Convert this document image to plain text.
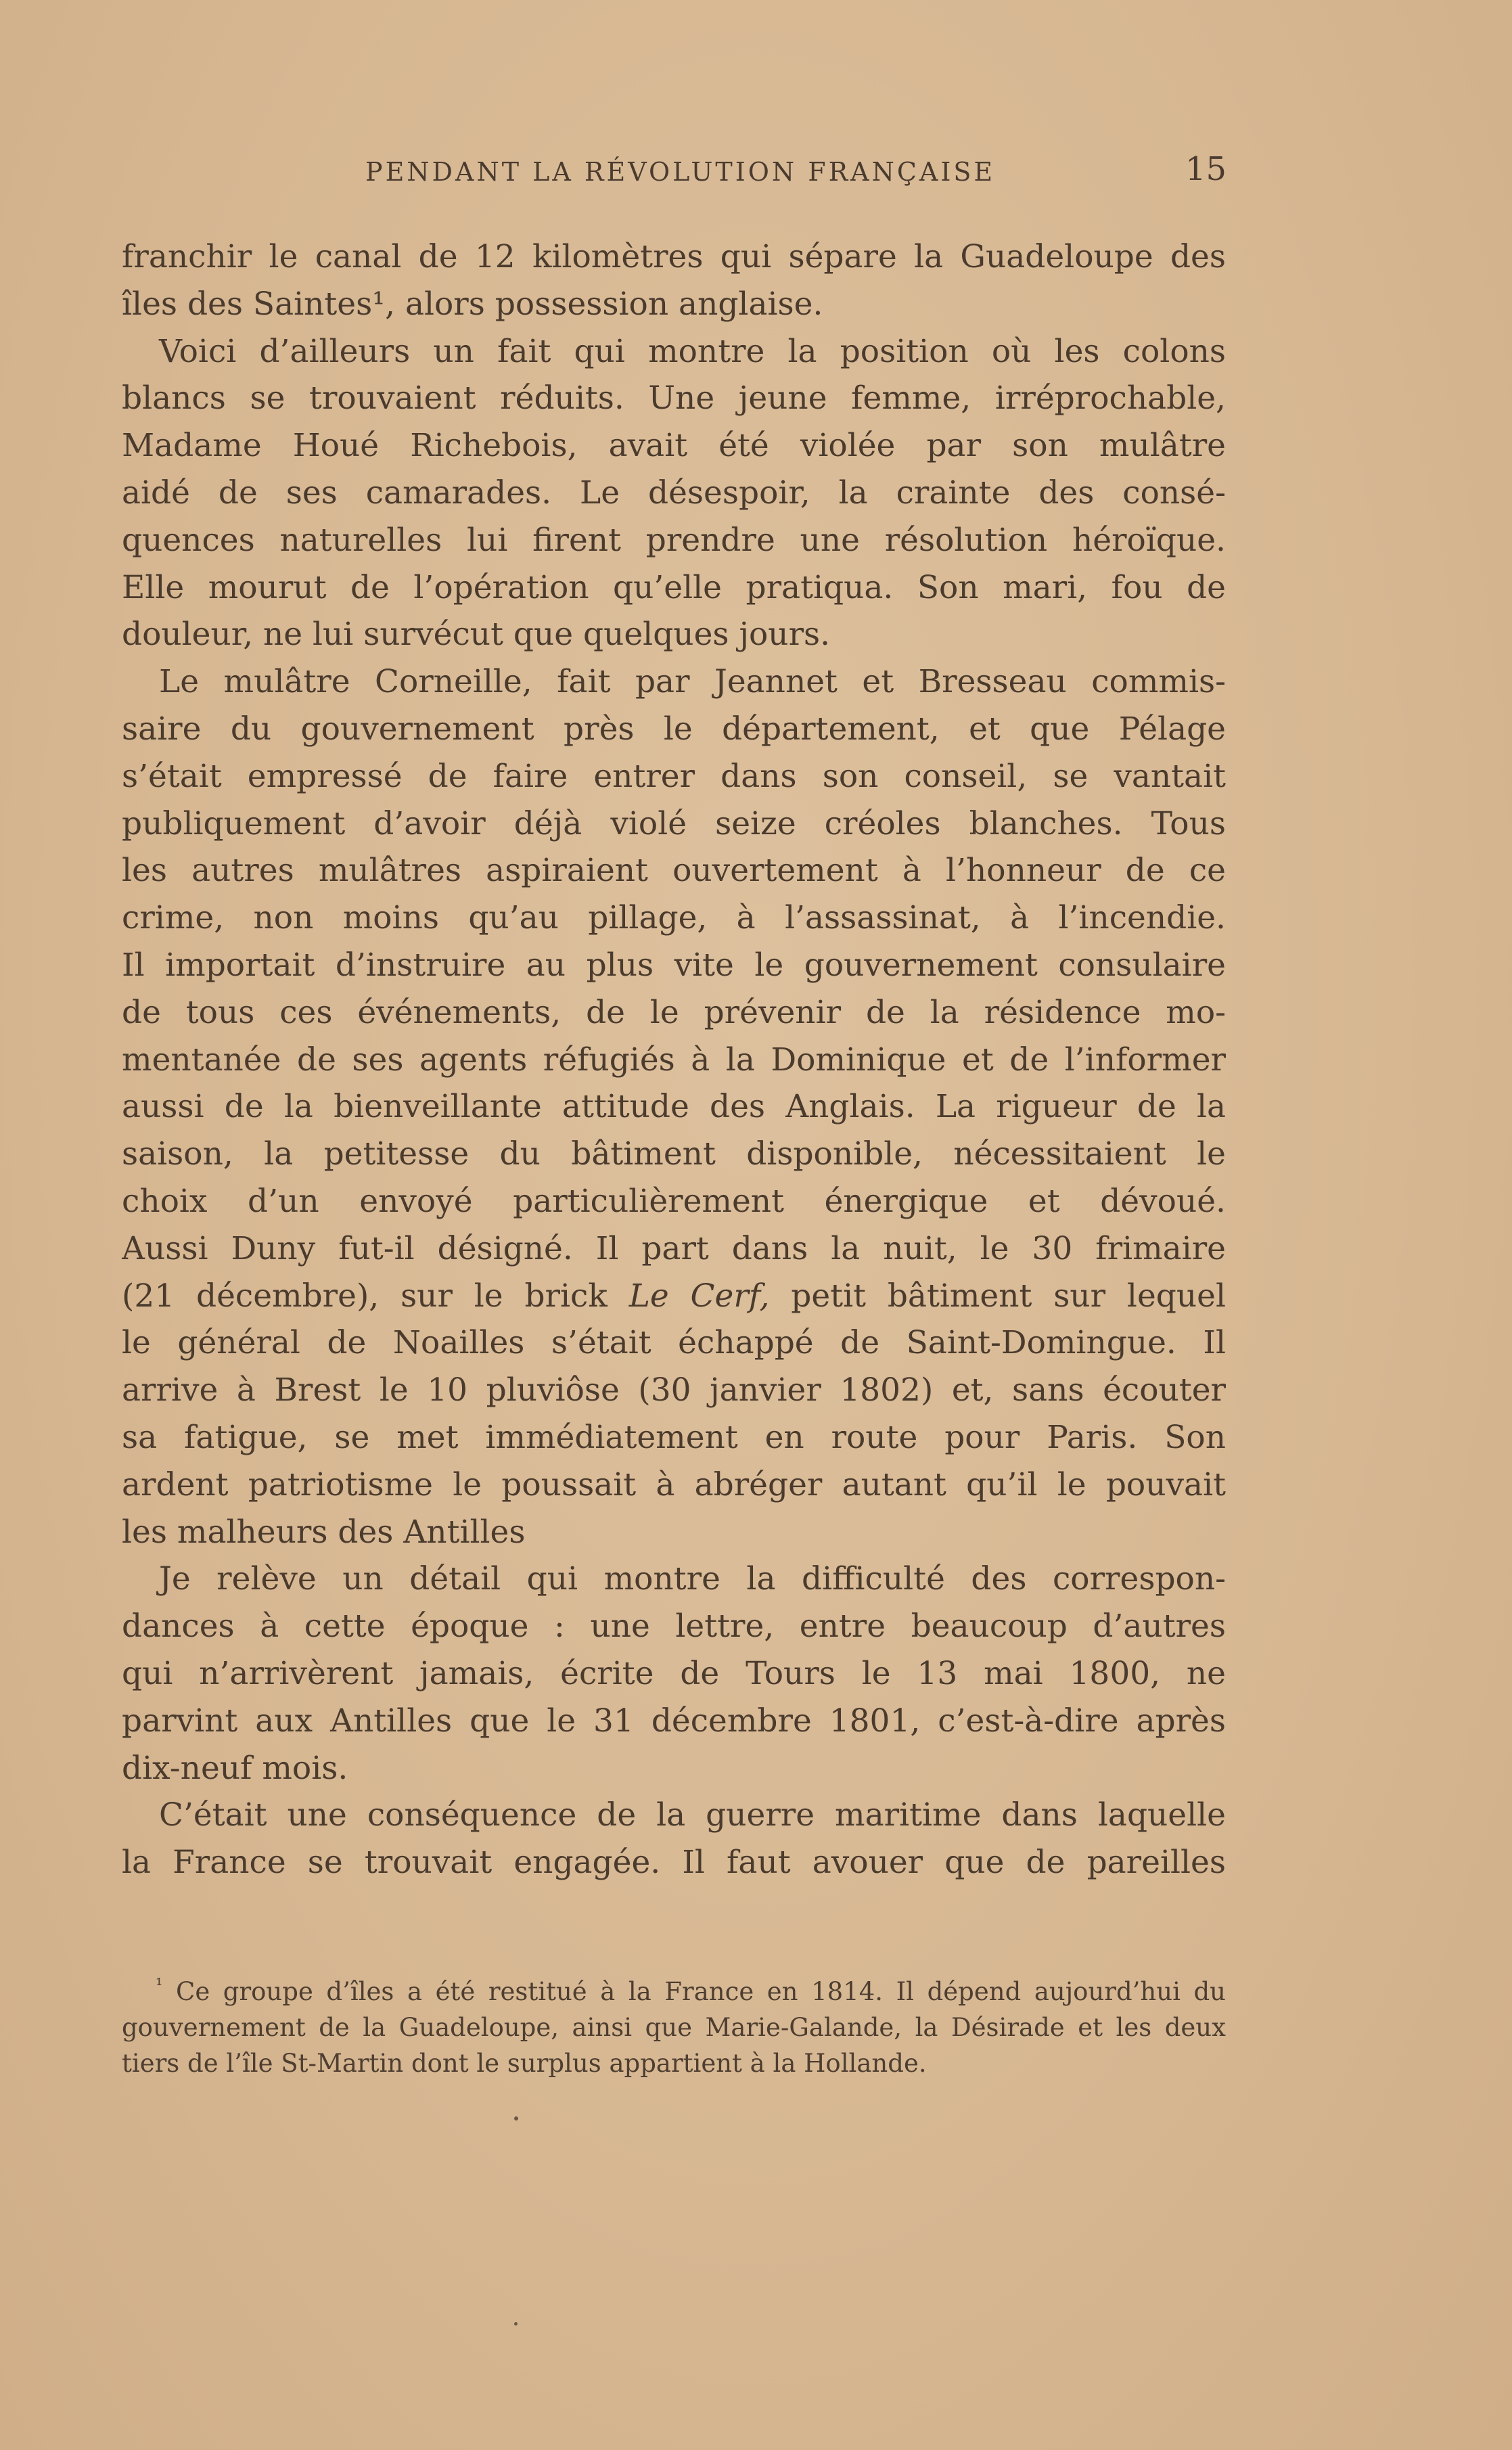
PENDANT LA RÉVOLUTION FRANÇAISE	15
franchir le canal de 12 kilomètres qui sépare la Guadeloupe des
îles des Saintes¹, alors possession anglaise.
Voici d’ailleurs un fait qui montre la position où les colons
blancs se trouvaient réduits. Une jeune femme, irréprochable,
Madame Houé Richebois, avait été violée par son mulâtre
aidé de ses camarades. Le désespoir, la crainte des consé-
quences naturelles lui firent prendre une résolution héroïque.
Elle mourut de l’opération qu’elle pratiqua. Son mari, fou de
douleur, ne lui survécut que quelques jours.
Le mulâtre Corneille, fait par Jeannet et Bresseau commis-
saire du gouvernement près le département, et que Pélage
s’était empressé de faire entrer dans son conseil, se vantait
publiquement d’avoir déjà violé seize créoles blanches. Tous
les autres mulâtres aspiraient ouvertement à l’honneur de ce
crime, non moins qu’au pillage, à l’assassinat, à l’incendie.
Il importait d’instruire au plus vite le gouvernement consulaire
de tous ces événements, de le prévenir de la résidence mo-
mentanée de ses agents réfugiés à la Dominique et de l’informer
aussi de la bienveillante attitude des Anglais. La rigueur de la
saison, la petitesse du bâtiment disponible, nécessitaient le
choix d’un envoyé particulièrement énergique et dévoué.
Aussi Duny fut-il désigné. Il part dans la nuit, le 30 frimaire
(21 décembre), sur le brick Le Cerf, petit bâtiment sur lequel
le général de Noailles s’était échappé de Saint-Domingue. Il
arrive à Brest le 10 pluviôse (30 janvier 1802) et, sans écouter
sa fatigue, se met immédiatement en route pour Paris. Son
ardent patriotisme le poussait à abréger autant qu’il le pouvait
les malheurs des Antilles
Je relève un détail qui montre la difficulté des correspon-
dances à cette époque : une lettre, entre beaucoup d’autres
qui n’arrivèrent jamais, écrite de Tours le 13 mai 1800, ne
parvint aux Antilles que le 31 décembre 1801, c’est-à-dire après
dix-neuf mois.
C’était une conséquence de la guerre maritime dans laquelle
la France se trouvait engagée. Il faut avouer que de pareilles
$^{^1}$ Ce groupe d’îles a été restitué à la France en 1814. Il dépend aujourd’hui du
gouvernement de la Guadeloupe, ainsi que Marie-Galande, la Désirade et les deux
tiers de l’île St-Martin dont le surplus appartient à la Hollande.
